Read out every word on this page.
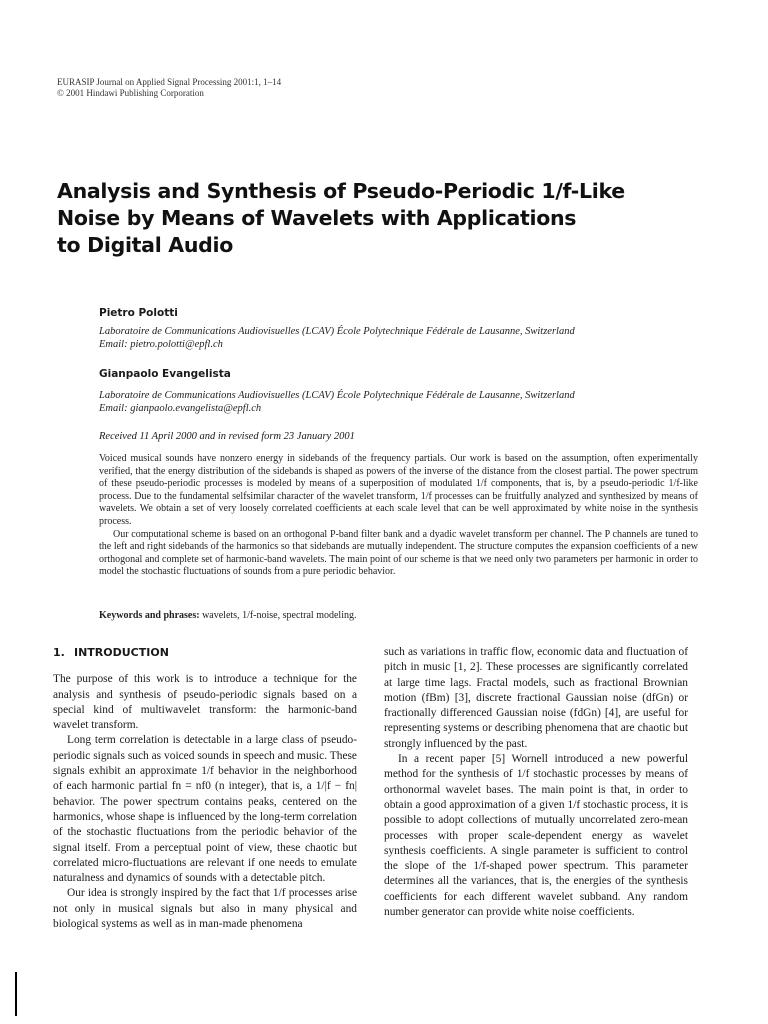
EURASIP Journal on Applied Signal Processing 2001:1, 1–14
© 2001 Hindawi Publishing Corporation
Analysis and Synthesis of Pseudo-Periodic 1/f-Like
Noise by Means of Wavelets with Applications
to Digital Audio
Pietro Polotti
Laboratoire de Communications Audiovisuelles (LCAV) École Polytechnique Fédérale de Lausanne, Switzerland
Email: pietro.polotti@epfl.ch
Gianpaolo Evangelista
Laboratoire de Communications Audiovisuelles (LCAV) École Polytechnique Fédérale de Lausanne, Switzerland
Email: gianpaolo.evangelista@epfl.ch
Received 11 April 2000 and in revised form 23 January 2001

Voiced musical sounds have nonzero energy in sidebands of the frequency partials. Our work is based on the assumption, often experimentally verified, that the energy distribution of the sidebands is shaped as powers of the inverse of the distance from the closest partial. The power spectrum of these pseudo-periodic processes is modeled by means of a superposition of modulated 1/f components, that is, by a pseudo-periodic 1/f-like process. Due to the fundamental selfsimilar character of the wavelet transform, 1/f processes can be fruitfully analyzed and synthesized by means of wavelets. We obtain a set of very loosely correlated coefficients at each scale level that can be well approximated by white noise in the synthesis process.

Our computational scheme is based on an orthogonal P-band filter bank and a dyadic wavelet transform per channel. The P channels are tuned to the left and right sidebands of the harmonics so that sidebands are mutually independent. The structure computes the expansion coefficients of a new orthogonal and complete set of harmonic-band wavelets. The main point of our scheme is that we need only two parameters per harmonic in order to model the stochastic fluctuations of sounds from a pure periodic behavior.

Keywords and phrases: wavelets, 1/f-noise, spectral modeling.
1. INTRODUCTION

The purpose of this work is to introduce a technique for the analysis and synthesis of pseudo-periodic signals based on a special kind of multiwavelet transform: the harmonic-band wavelet transform.

Long term correlation is detectable in a large class of pseudo-periodic signals such as voiced sounds in speech and music. These signals exhibit an approximate 1/f behavior in the neighborhood of each harmonic partial fn = nf0 (n integer), that is, a 1/|f − fn| behavior. The power spectrum contains peaks, centered on the harmonics, whose shape is influenced by the long-term correlation of the stochastic fluctuations from the periodic behavior of the signal itself. From a perceptual point of view, these chaotic but correlated micro-fluctuations are relevant if one needs to emulate naturalness and dynamics of sounds with a detectable pitch.

Our idea is strongly inspired by the fact that 1/f processes arise not only in musical signals but also in many physical and biological systems as well as in man-made phenomena

such as variations in traffic flow, economic data and fluctuation of pitch in music [1, 2]. These processes are significantly correlated at large time lags. Fractal models, such as fractional Brownian motion (fBm) [3], discrete fractional Gaussian noise (dfGn) or fractionally differenced Gaussian noise (fdGn) [4], are useful for representing systems or describing phenomena that are chaotic but strongly influenced by the past.

In a recent paper [5] Wornell introduced a new powerful method for the synthesis of 1/f stochastic processes by means of orthonormal wavelet bases. The main point is that, in order to obtain a good approximation of a given 1/f stochastic process, it is possible to adopt collections of mutually uncorrelated zero-mean processes with proper scale-dependent energy as wavelet synthesis coefficients. A single parameter is sufficient to control the slope of the 1/f-shaped power spectrum. This parameter determines all the variances, that is, the energies of the synthesis coefficients for each different wavelet subband. Any random number generator can provide white noise coefficients.
